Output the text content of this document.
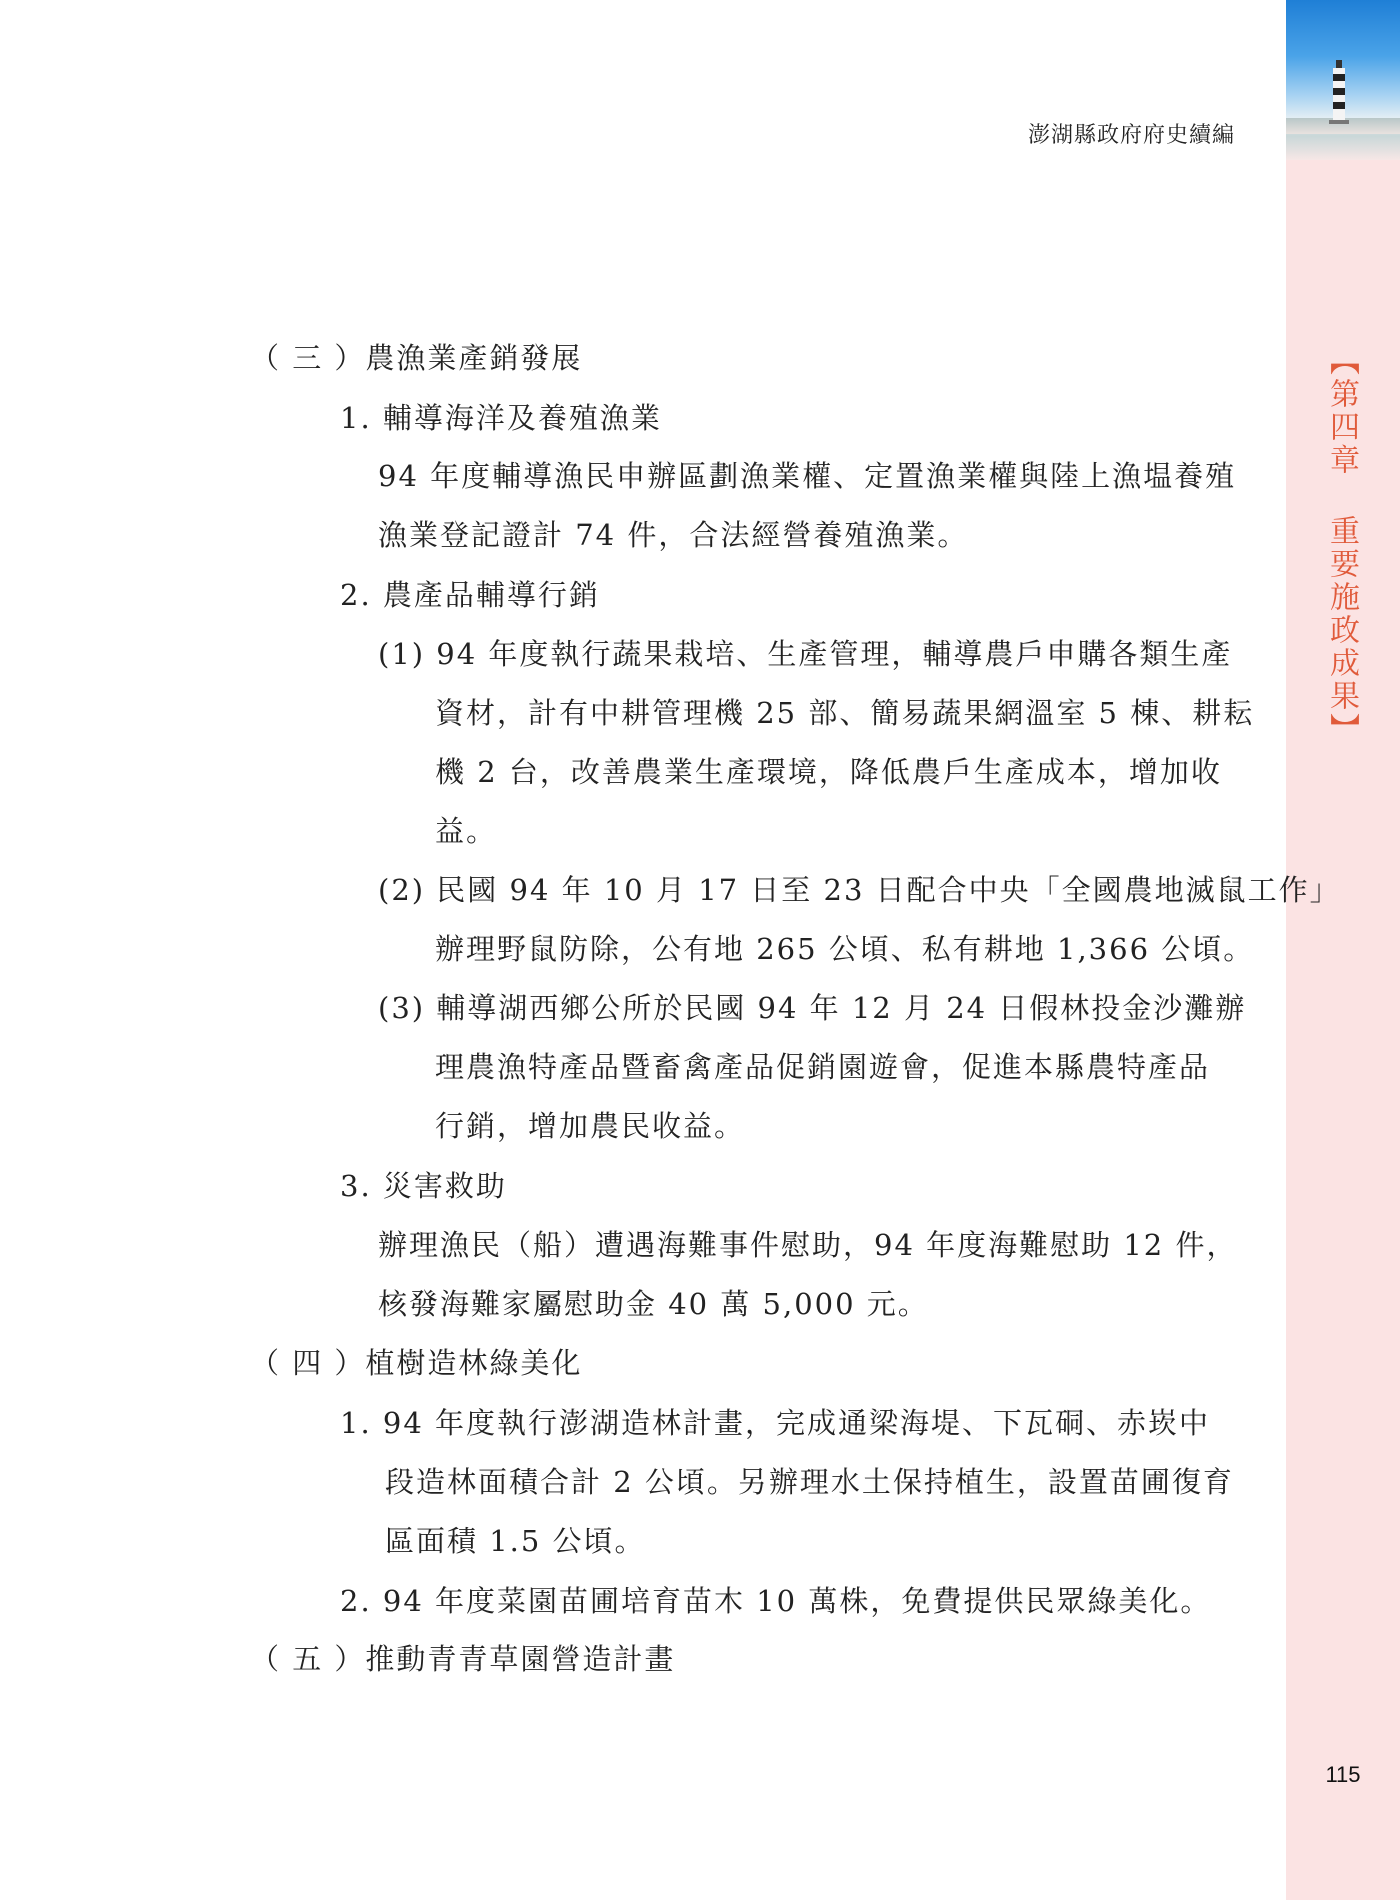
【第四章 重要施政成果】
115
澎湖縣政府府史續編
（ 三 ）農漁業產銷發展
1. 輔導海洋及養殖漁業
94 年度輔導漁民申辦區劃漁業權、定置漁業權與陸上漁塭養殖
漁業登記證計 74 件，合法經營養殖漁業。
2. 農產品輔導行銷
(1) 94 年度執行蔬果栽培、生產管理，輔導農戶申購各類生產
資材，計有中耕管理機 25 部、簡易蔬果網溫室 5 棟、耕耘
機 2 台，改善農業生產環境，降低農戶生產成本，增加收
益。
(2) 民國 94 年 10 月 17 日至 23 日配合中央「全國農地滅鼠工作」
辦理野鼠防除，公有地 265 公頃、私有耕地 1,366 公頃。
(3) 輔導湖西鄉公所於民國 94 年 12 月 24 日假林投金沙灘辦
理農漁特產品暨畜禽產品促銷園遊會，促進本縣農特產品
行銷，增加農民收益。
3. 災害救助
辦理漁民（船）遭遇海難事件慰助，94 年度海難慰助 12 件，
核發海難家屬慰助金 40 萬 5,000 元。
（ 四 ）植樹造林綠美化
1. 94 年度執行澎湖造林計畫，完成通梁海堤、下瓦硐、赤崁中
段造林面積合計 2 公頃。另辦理水土保持植生，設置苗圃復育
區面積 1.5 公頃。
2. 94 年度菜園苗圃培育苗木 10 萬株，免費提供民眾綠美化。
（ 五 ）推動青青草園營造計畫
